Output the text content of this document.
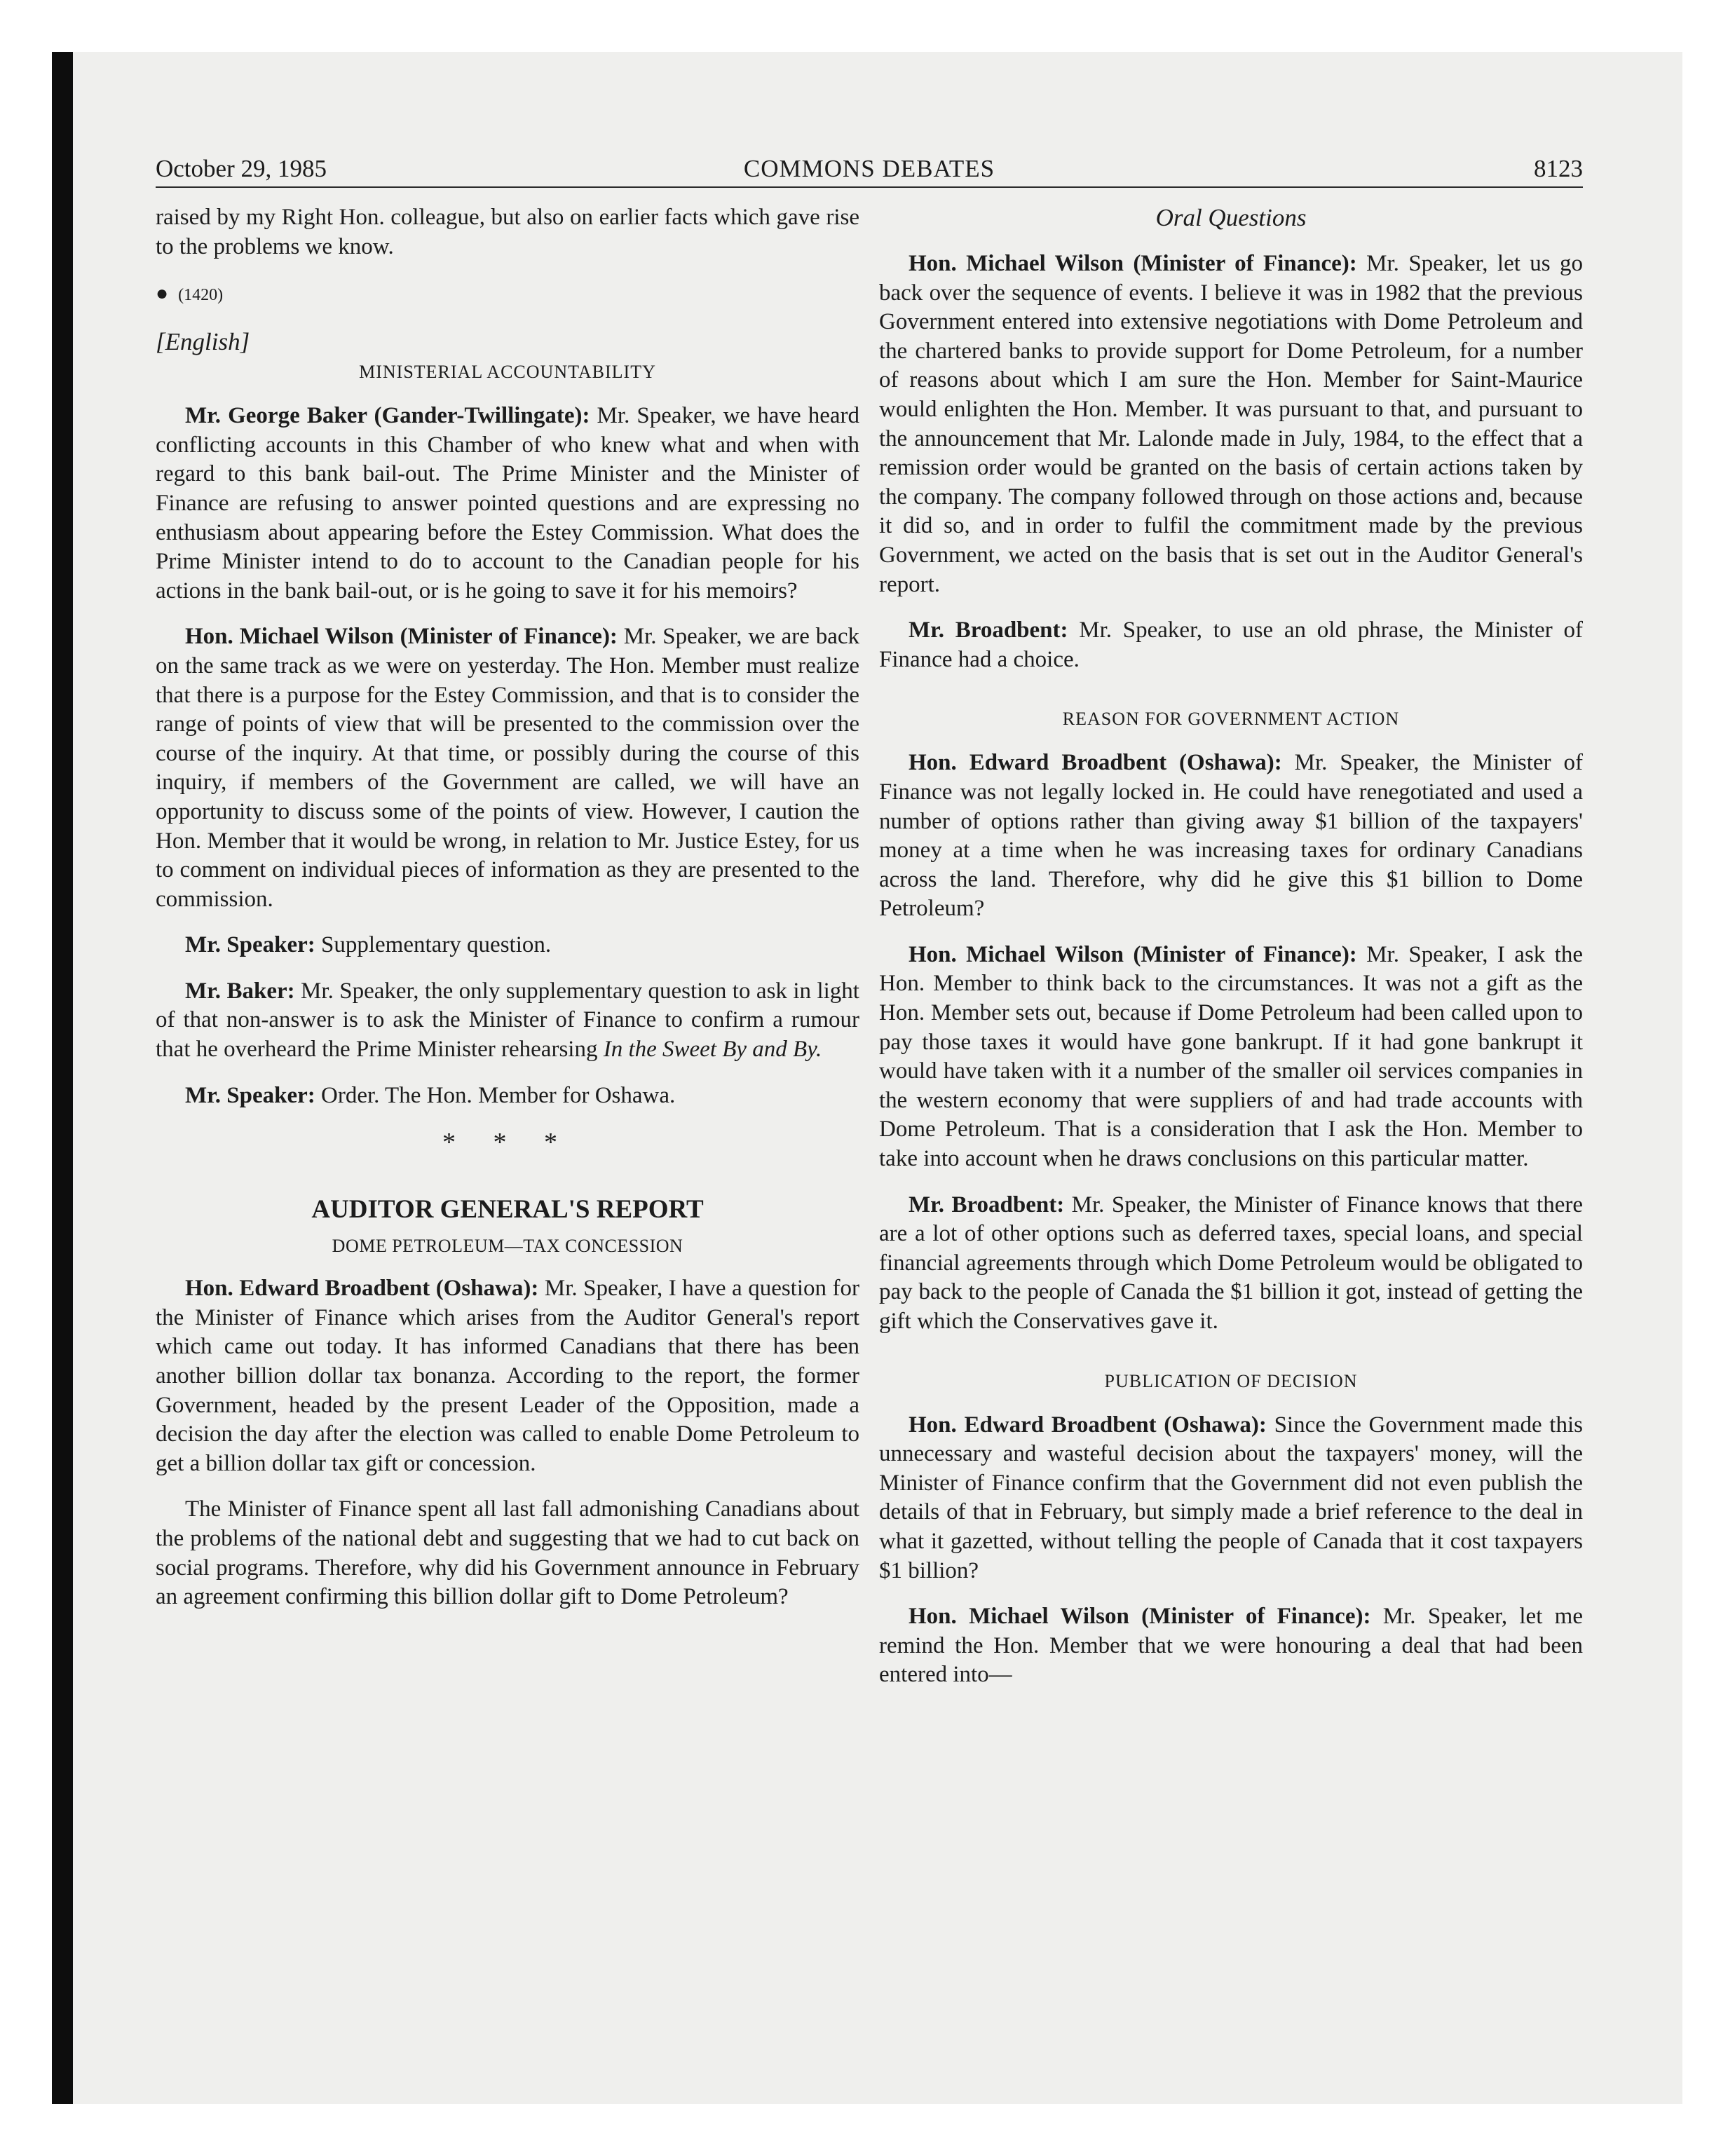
October 29, 1985	COMMONS DEBATES	8123

raised by my Right Hon. colleague, but also on earlier facts which gave rise to the problems we know.

● (1420)
[English]
MINISTERIAL ACCOUNTABILITY

Mr. George Baker (Gander-Twillingate): Mr. Speaker, we have heard conflicting accounts in this Chamber of who knew what and when with regard to this bank bail-out. The Prime Minister and the Minister of Finance are refusing to answer pointed questions and are expressing no enthusiasm about appearing before the Estey Commission. What does the Prime Minister intend to do to account to the Canadian people for his actions in the bank bail-out, or is he going to save it for his memoirs?

Hon. Michael Wilson (Minister of Finance): Mr. Speaker, we are back on the same track as we were on yesterday. The Hon. Member must realize that there is a purpose for the Estey Commission, and that is to consider the range of points of view that will be presented to the commission over the course of the inquiry. At that time, or possibly during the course of this inquiry, if members of the Government are called, we will have an opportunity to discuss some of the points of view. However, I caution the Hon. Member that it would be wrong, in relation to Mr. Justice Estey, for us to comment on individual pieces of information as they are presented to the commission.

Mr. Speaker: Supplementary question.

Mr. Baker: Mr. Speaker, the only supplementary question to ask in light of that non-answer is to ask the Minister of Finance to confirm a rumour that he overheard the Prime Minister rehearsing In the Sweet By and By.

Mr. Speaker: Order. The Hon. Member for Oshawa.

* * *
AUDITOR GENERAL'S REPORT
DOME PETROLEUM—TAX CONCESSION

Hon. Edward Broadbent (Oshawa): Mr. Speaker, I have a question for the Minister of Finance which arises from the Auditor General's report which came out today. It has informed Canadians that there has been another billion dollar tax bonanza. According to the report, the former Government, headed by the present Leader of the Opposition, made a decision the day after the election was called to enable Dome Petroleum to get a billion dollar tax gift or concession.

The Minister of Finance spent all last fall admonishing Canadians about the problems of the national debt and suggesting that we had to cut back on social programs. Therefore, why did his Government announce in February an agreement confirming this billion dollar gift to Dome Petroleum?

Oral Questions

Hon. Michael Wilson (Minister of Finance): Mr. Speaker, let us go back over the sequence of events. I believe it was in 1982 that the previous Government entered into extensive negotiations with Dome Petroleum and the chartered banks to provide support for Dome Petroleum, for a number of reasons about which I am sure the Hon. Member for Saint-Maurice would enlighten the Hon. Member. It was pursuant to that, and pursuant to the announcement that Mr. Lalonde made in July, 1984, to the effect that a remission order would be granted on the basis of certain actions taken by the company. The company followed through on those actions and, because it did so, and in order to fulfil the commitment made by the previous Government, we acted on the basis that is set out in the Auditor General's report.

Mr. Broadbent: Mr. Speaker, to use an old phrase, the Minister of Finance had a choice.

REASON FOR GOVERNMENT ACTION

Hon. Edward Broadbent (Oshawa): Mr. Speaker, the Minister of Finance was not legally locked in. He could have renegotiated and used a number of options rather than giving away $1 billion of the taxpayers' money at a time when he was increasing taxes for ordinary Canadians across the land. Therefore, why did he give this $1 billion to Dome Petroleum?

Hon. Michael Wilson (Minister of Finance): Mr. Speaker, I ask the Hon. Member to think back to the circumstances. It was not a gift as the Hon. Member sets out, because if Dome Petroleum had been called upon to pay those taxes it would have gone bankrupt. If it had gone bankrupt it would have taken with it a number of the smaller oil services companies in the western economy that were suppliers of and had trade accounts with Dome Petroleum. That is a consideration that I ask the Hon. Member to take into account when he draws conclusions on this particular matter.

Mr. Broadbent: Mr. Speaker, the Minister of Finance knows that there are a lot of other options such as deferred taxes, special loans, and special financial agreements through which Dome Petroleum would be obligated to pay back to the people of Canada the $1 billion it got, instead of getting the gift which the Conservatives gave it.

PUBLICATION OF DECISION

Hon. Edward Broadbent (Oshawa): Since the Government made this unnecessary and wasteful decision about the taxpayers' money, will the Minister of Finance confirm that the Government did not even publish the details of that in February, but simply made a brief reference to the deal in what it gazetted, without telling the people of Canada that it cost taxpayers $1 billion?

Hon. Michael Wilson (Minister of Finance): Mr. Speaker, let me remind the Hon. Member that we were honouring a deal that had been entered into—
